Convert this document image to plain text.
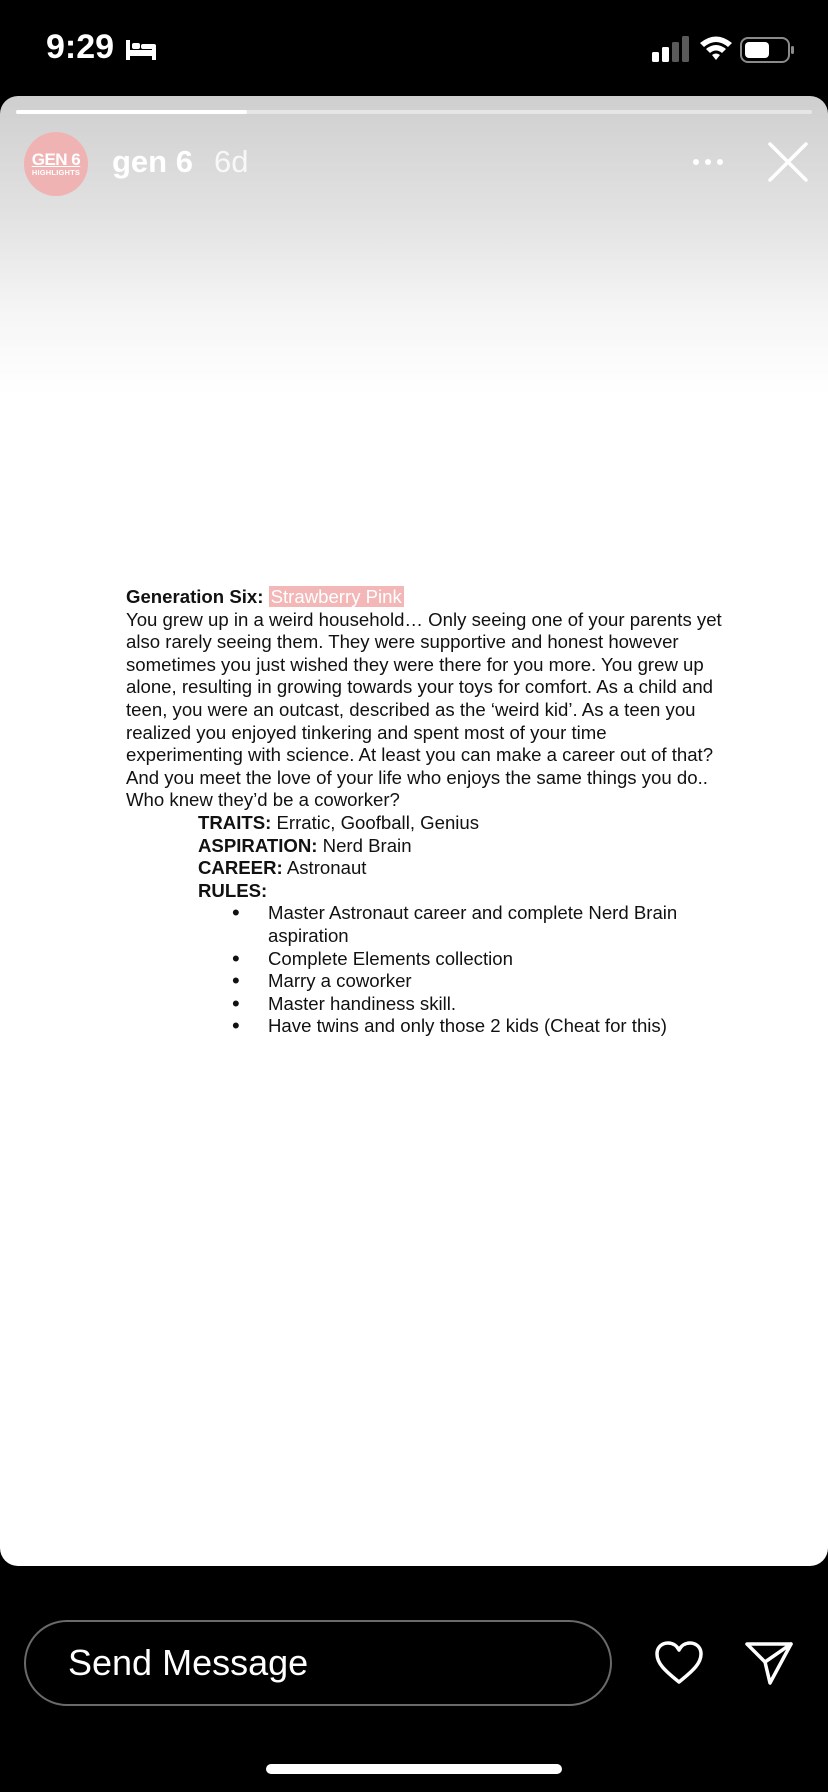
9:29
GEN 6
HIGHLIGHTS gen 6 6d

Generation Six: Strawberry Pink

You grew up in a weird household… Only seeing one of your parents yet also rarely seeing them. They were supportive and honest however sometimes you just wished they were there for you more. You grew up alone, resulting in growing towards your toys for comfort. As a child and teen, you were an outcast, described as the ‘weird kid’. As a teen you realized you enjoyed tinkering and spent most of your time experimenting with science. At least you can make a career out of that? And you meet the love of your life who enjoys the same things you do.. Who knew they’d be a coworker?

TRAITS: Erratic, Goofball, Genius

ASPIRATION: Nerd Brain

CAREER: Astronaut

RULES:

• Master Astronaut career and complete Nerd Brain aspiration
• Complete Elements collection
• Marry a coworker
• Master handiness skill.
• Have twins and only those 2 kids (Cheat for this)
Send Message
